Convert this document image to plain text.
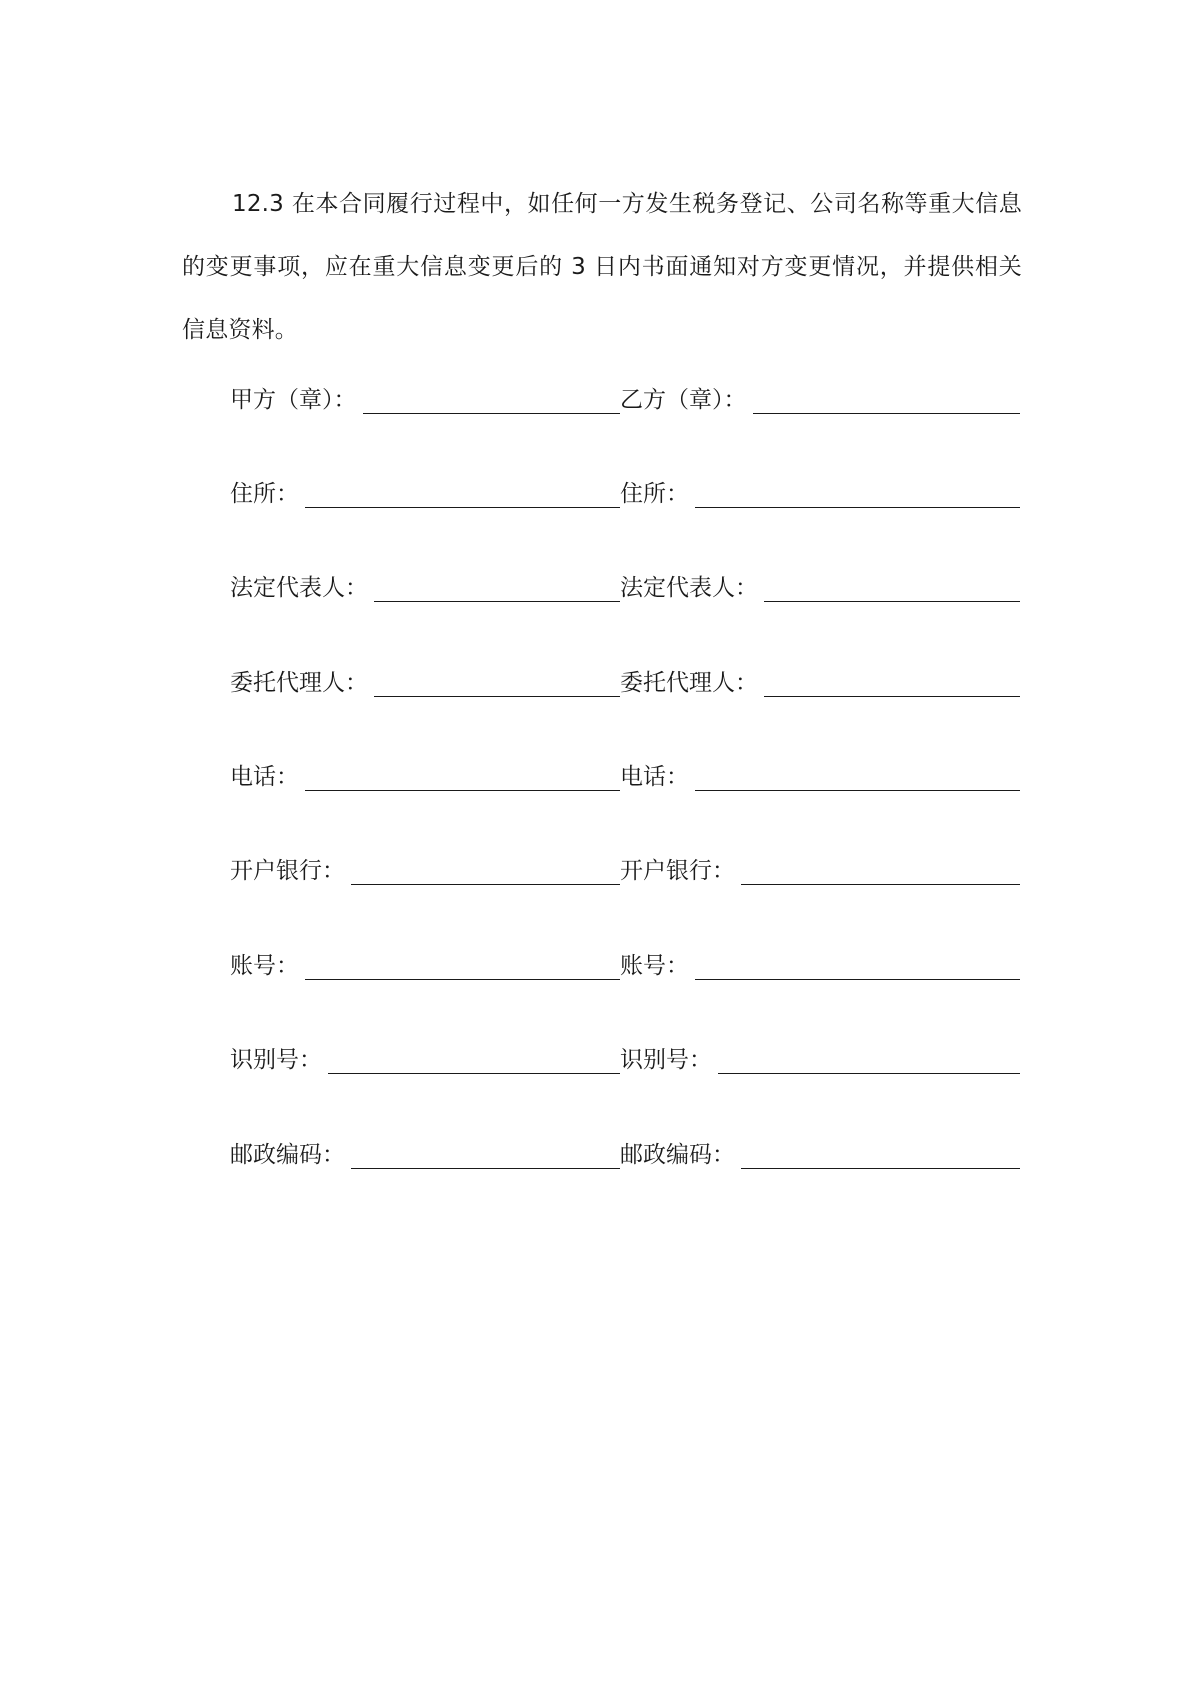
12.3 在本合同履行过程中，如任何一方发生税务登记、公司名称等重大信息的变更事项，应在重大信息变更后的 3 日内书面通知对方变更情况，并提供相关信息资料。

甲方（章）：	乙方（章）：
住所：	住所：
法定代表人：	法定代表人：
委托代理人：	委托代理人：
电话：	电话：
开户银行：	开户银行：
账号：	账号：
识别号：	识别号：
邮政编码：	邮政编码：
